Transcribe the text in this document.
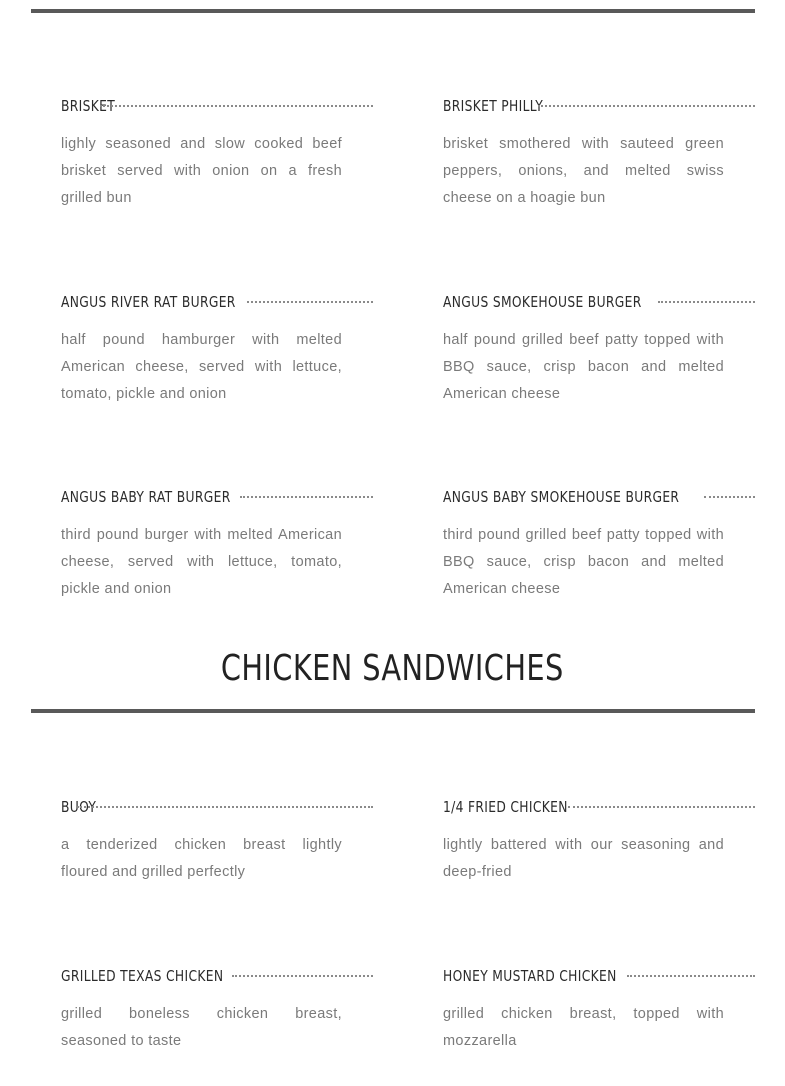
BRISKET
lighly seasoned and slow cooked beef brisket served with onion on a fresh grilled bun
BRISKET PHILLY
brisket smothered with sauteed green peppers, onions, and melted swiss cheese on a hoagie bun
ANGUS RIVER RAT BURGER
half pound hamburger with melted American cheese, served with lettuce, tomato, pickle and onion
ANGUS SMOKEHOUSE BURGER
half pound grilled beef patty topped with BBQ sauce, crisp bacon and melted American cheese
ANGUS BABY RAT BURGER
third pound burger with melted American cheese, served with lettuce, tomato, pickle and onion
ANGUS BABY SMOKEHOUSE BURGER
third pound grilled beef patty topped with BBQ sauce, crisp bacon and melted American cheese
CHICKEN SANDWICHES
BUOY
a tenderized chicken breast lightly floured and grilled perfectly
1/4 FRIED CHICKEN
lightly battered with our seasoning and deep-fried
GRILLED TEXAS CHICKEN
grilled boneless chicken breast, seasoned to taste
HONEY MUSTARD CHICKEN
grilled chicken breast, topped with mozzarella
